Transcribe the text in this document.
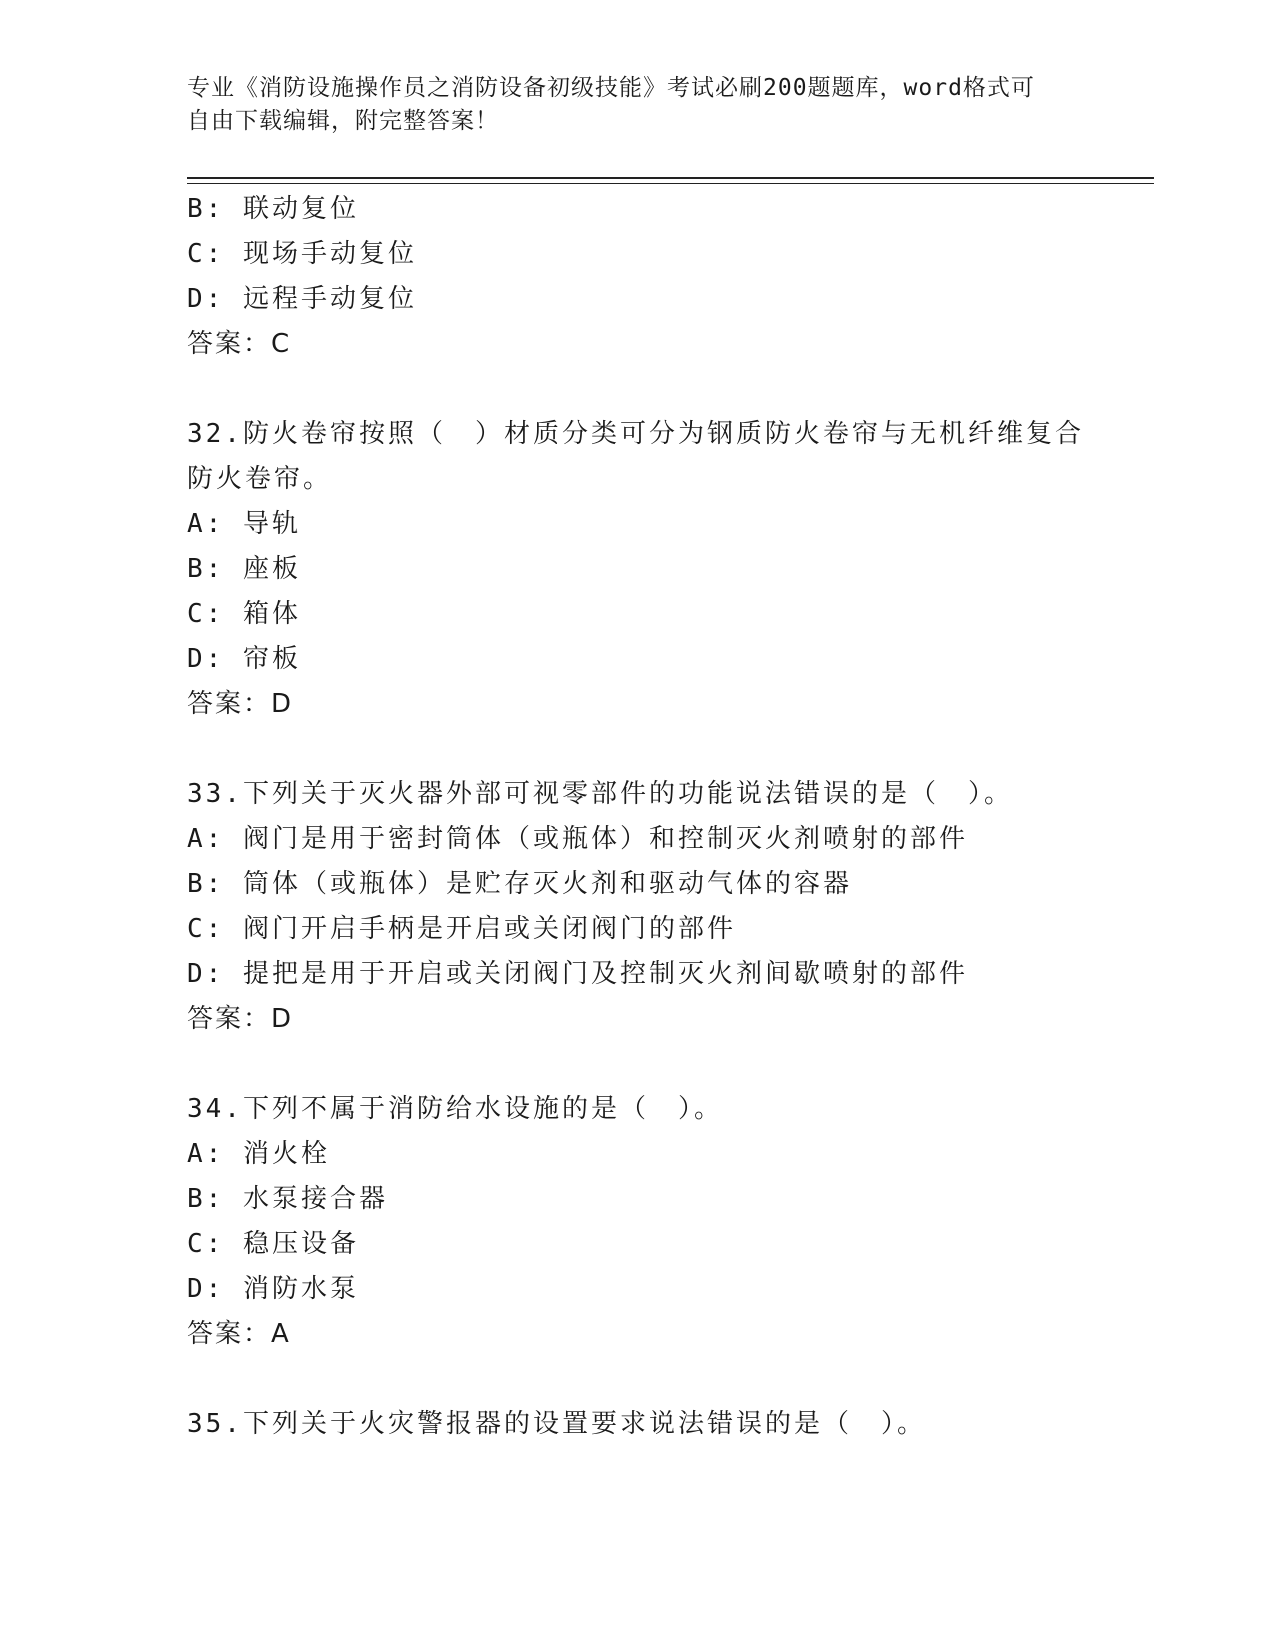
专业《消防设施操作员之消防设备初级技能》考试必刷200题题库，word格式可
自由下载编辑，附完整答案！
B: 联动复位
C: 现场手动复位
D: 远程手动复位
答案：C
32.防火卷帘按照（　）材质分类可分为钢质防火卷帘与无机纤维复合
防火卷帘。
A: 导轨
B: 座板
C: 箱体
D: 帘板
答案：D
33.下列关于灭火器外部可视零部件的功能说法错误的是（　）。
A: 阀门是用于密封筒体（或瓶体）和控制灭火剂喷射的部件
B: 筒体（或瓶体）是贮存灭火剂和驱动气体的容器
C: 阀门开启手柄是开启或关闭阀门的部件
D: 提把是用于开启或关闭阀门及控制灭火剂间歇喷射的部件
答案：D
34.下列不属于消防给水设施的是（　）。
A: 消火栓
B: 水泵接合器
C: 稳压设备
D: 消防水泵
答案：A
35.下列关于火灾警报器的设置要求说法错误的是（　）。
